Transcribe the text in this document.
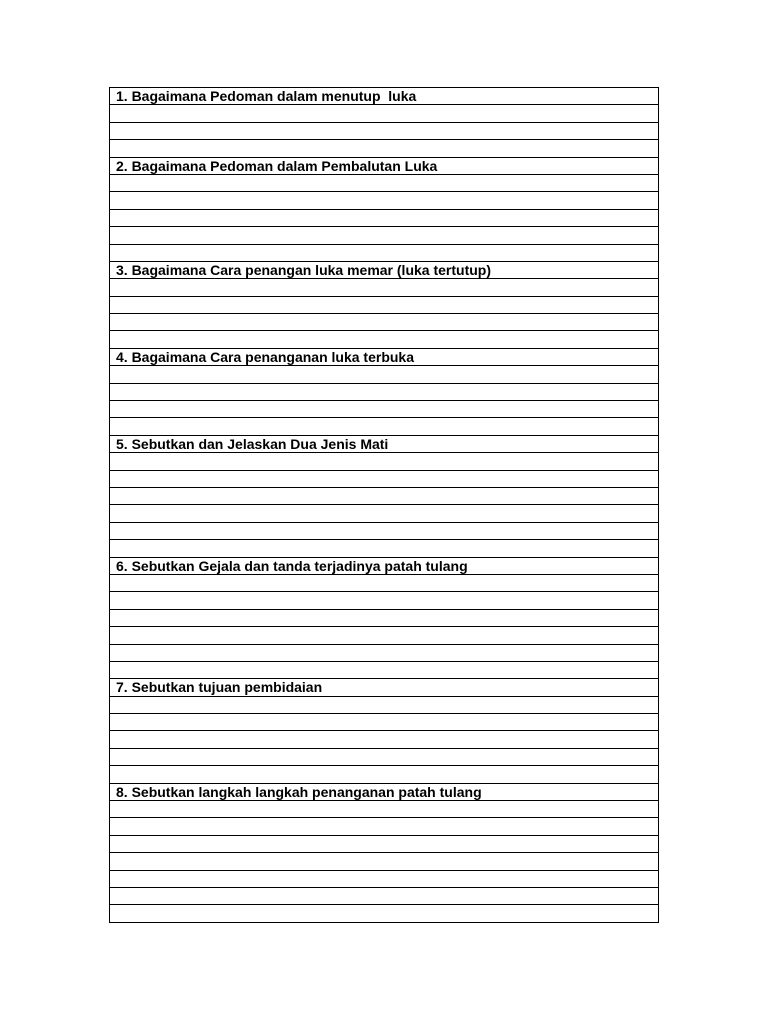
1. Bagaimana Pedoman dalam menutup  luka
2. Bagaimana Pedoman dalam Pembalutan Luka
3. Bagaimana Cara penangan luka memar (luka tertutup)
4. Bagaimana Cara penanganan luka terbuka
5. Sebutkan dan Jelaskan Dua Jenis Mati
6. Sebutkan Gejala dan tanda terjadinya patah tulang
7. Sebutkan tujuan pembidaian
8. Sebutkan langkah langkah penanganan patah tulang
